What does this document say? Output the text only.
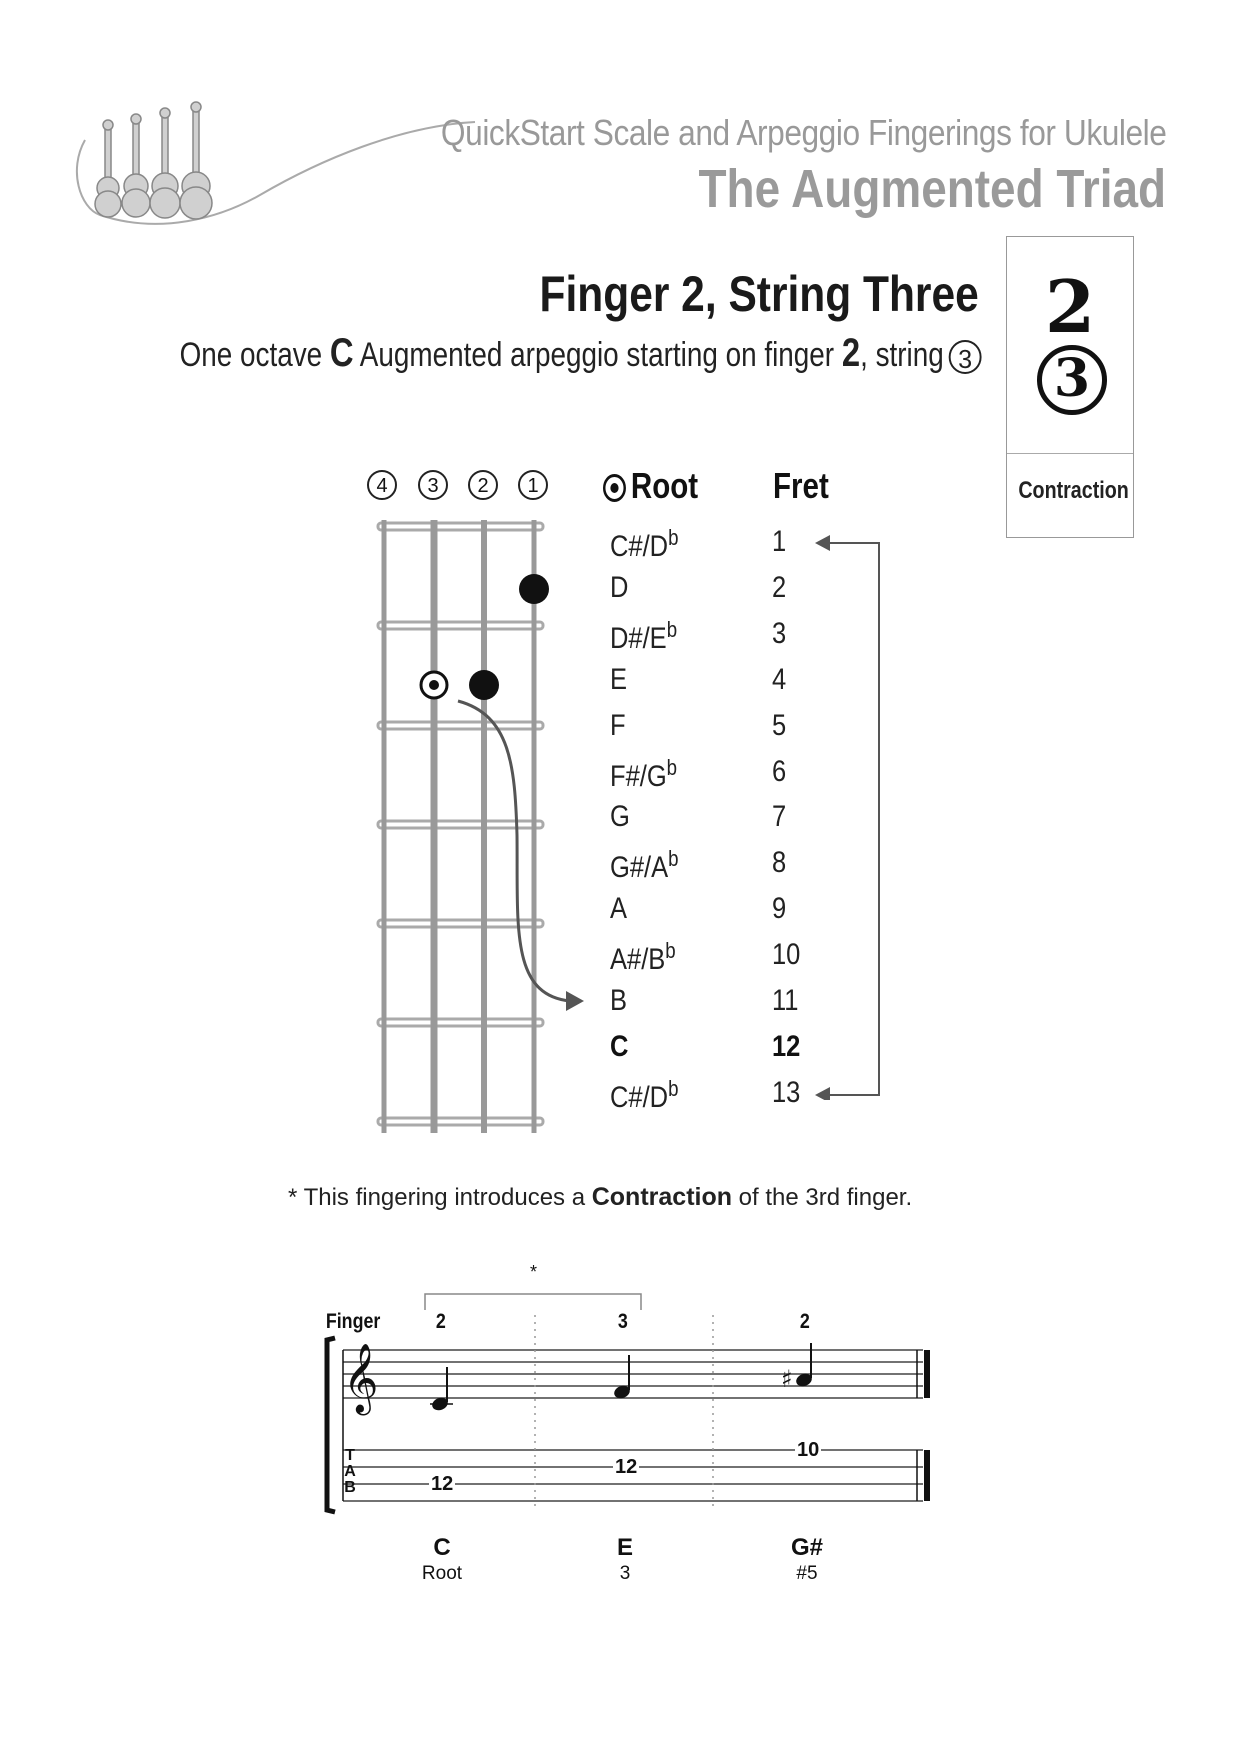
QuickStart Scale and Arpeggio Fingerings for Ukulele
The Augmented Triad
Finger 2, String Three
One octave C Augmented arpeggio starting on finger 2, string 3
2
3
Contraction
4	3	2	1	Root Fret
$C\#/D^b$	1
D	2
$D\#/E^b$	3
E	4
F	5
$F\#/G^b$	6
G	7
$G\#/A^b$	8
A	9
$A\#/B^b$	10
B	11
C	12
$C\#/D^b$	13
* This fingering introduces a Contraction of the 3rd finger.
Finger	2	3	2
*
𝄞	♯
T
A
B	12
12
10
C	E	G#
Root	3	#5
